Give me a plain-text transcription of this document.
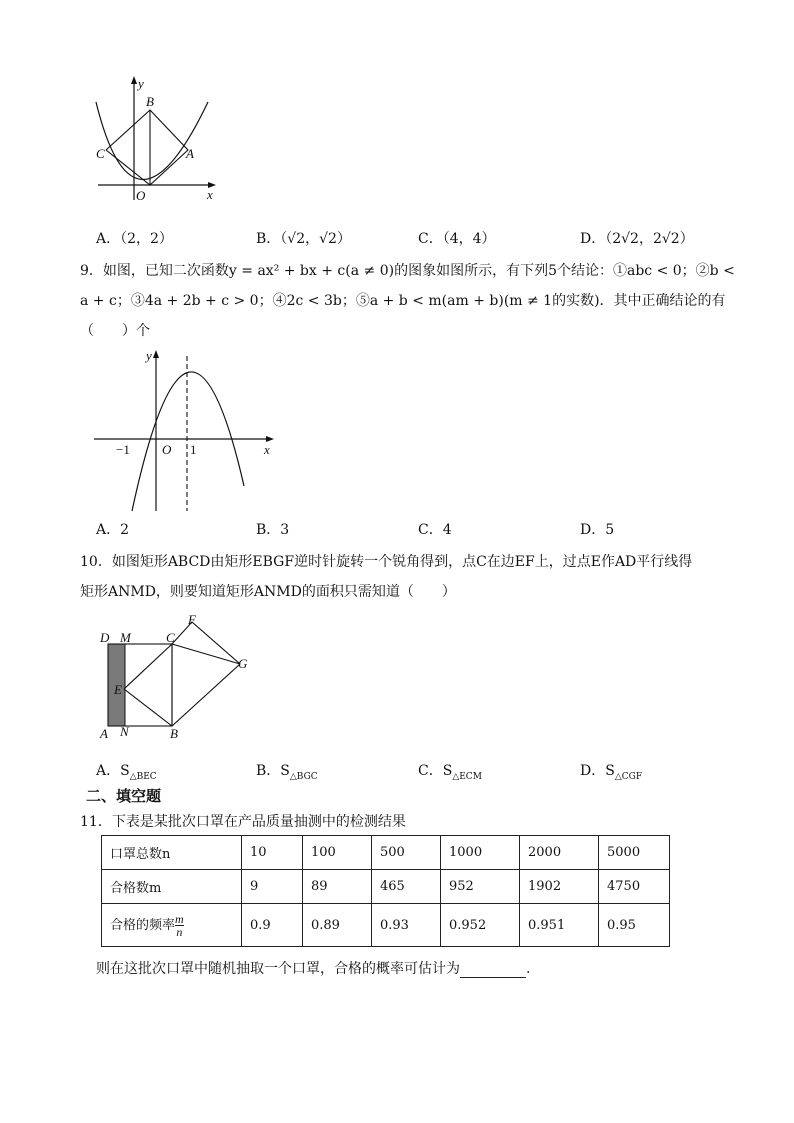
y
B
C	A
O	x
A．（2，2）	B．（√2，√2）	C．（4，4）	D．（2√2，2√2）
9．如图，已知二次函数y = ax² + bx + c(a ≠ 0)的图象如图所示，有下列5个结论：①abc < 0；②b <
a + c；③4a + 2b + c > 0；④2c < 3b；⑤a + b < m(am + b)(m ≠ 1的实数)．其中正确结论的有
（　　）个
y
−1 O 1	x
A．2	B．3	C．4	D．5
10．如图矩形ABCD由矩形EBGF逆时针旋转一个锐角得到，点C在边EF上，过点E作AD平行线得
矩形ANMD，则要知道矩形ANMD的面积只需知道（　　）
D M	C
F
G
E
A N	B
A．$S_{\triangle BEC}$	B．$S_{\triangle BGC}$	C．$S_{\triangle ECM}$	D．$S_{\triangle CGF}$
二、填空题
11．下表是某批次口罩在产品质量抽测中的检测结果
口罩总数n	10	100	500	1000	2000	5000
合格数m	9	89	465	952	1902	4750
合格的频率 $\frac{m}{n}$	0.9	0.89	0.93	0.952	0.951	0.95
则在这批次口罩中随机抽取一个口罩，合格的概率可估计为	.
